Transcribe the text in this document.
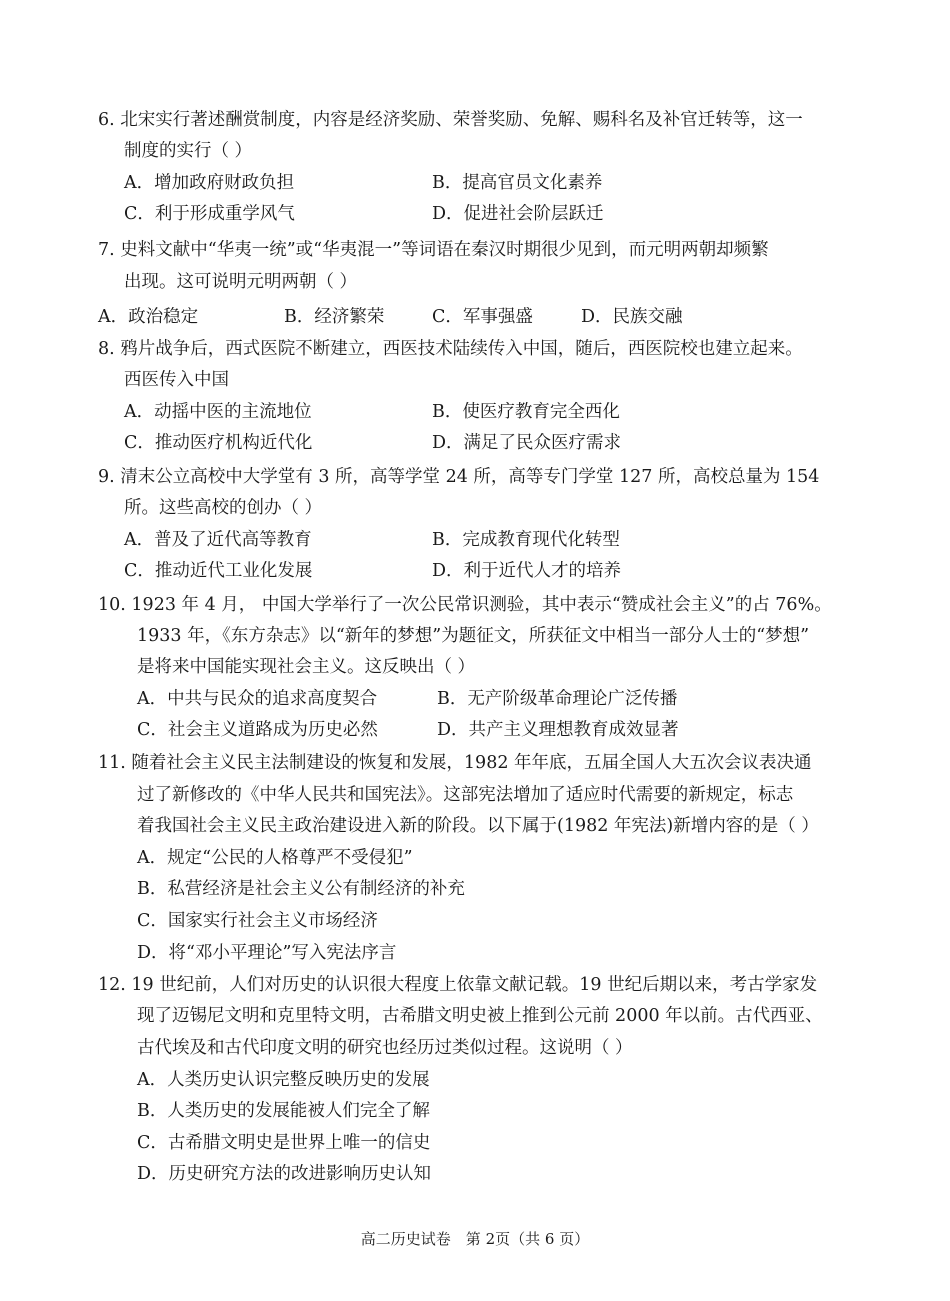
6. 北宋实行著述酬赏制度，内容是经济奖励、荣誉奖励、免解、赐科名及补官迁转等，这一
制度的实行（ ）
A．增加政府财政负担	B．提高官员文化素养
C．利于形成重学风气	D．促进社会阶层跃迁
7. 史料文献中“华夷一统”或“华夷混一”等词语在秦汉时期很少见到，而元明两朝却频繁
出现。这可说明元明两朝（ ）
A．政治稳定	B．经济繁荣	C．军事强盛	D．民族交融
8. 鸦片战争后，西式医院不断建立，西医技术陆续传入中国，随后，西医院校也建立起来。
西医传入中国
A．动摇中医的主流地位	B．使医疗教育完全西化
C．推动医疗机构近代化	D．满足了民众医疗需求
9. 清末公立高校中大学堂有 3 所，高等学堂 24 所，高等专门学堂 127 所，高校总量为 154
所。这些高校的创办（ ）
A．普及了近代高等教育	B．完成教育现代化转型
C．推动近代工业化发展	D．利于近代人才的培养
10. 1923 年 4 月， 中国大学举行了一次公民常识测验，其中表示“赞成社会主义”的占 76%。
1933 年，《东方杂志》以“新年的梦想”为题征文，所获征文中相当一部分人士的“梦想”
是将来中国能实现社会主义。这反映出（ ）
A．中共与民众的追求高度契合	B．无产阶级革命理论广泛传播
C．社会主义道路成为历史必然	D．共产主义理想教育成效显著
11. 随着社会主义民主法制建设的恢复和发展，1982 年年底，五届全国人大五次会议表决通
过了新修改的《中华人民共和国宪法》。这部宪法增加了适应时代需要的新规定，标志
着我国社会主义民主政治建设进入新的阶段。以下属于(1982 年宪法)新增内容的是（ ）
A．规定“公民的人格尊严不受侵犯”
B．私营经济是社会主义公有制经济的补充
C．国家实行社会主义市场经济
D．将“邓小平理论”写入宪法序言
12. 19 世纪前，人们对历史的认识很大程度上依靠文献记载。19 世纪后期以来，考古学家发
现了迈锡尼文明和克里特文明，古希腊文明史被上推到公元前 2000 年以前。古代西亚、
古代埃及和古代印度文明的研究也经历过类似过程。这说明（ ）
A．人类历史认识完整反映历史的发展
B．人类历史的发展能被人们完全了解
C．古希腊文明史是世界上唯一的信史
D．历史研究方法的改进影响历史认知
高二历史试卷　第 2页（共 6 页）
